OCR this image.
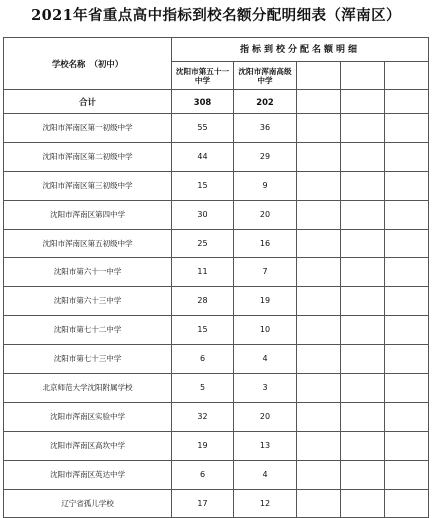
2021年省重点高中指标到校名额分配明细表（浑南区）
学校名称　（初中）	指标到校分配名额明细				
	沈阳市第五十一中学	沈阳市浑南高级中学			
合计	308	202			
沈阳市浑南区第一初级中学	55	36			
沈阳市浑南区第二初级中学	44	29			
沈阳市浑南区第三初级中学	15	9			
沈阳市浑南区第四中学	30	20			
沈阳市浑南区第五初级中学	25	16			
沈阳市第六十一中学	11	7			
沈阳市第六十三中学	28	19			
沈阳市第七十二中学	15	10			
沈阳市第七十三中学	6	4			
北京师范大学沈阳附属学校	5	3			
沈阳市浑南区实验中学	32	20			
沈阳市浑南区高坎中学	19	13			
沈阳市浑南区英达中学	6	4			
辽宁省孤儿学校	17	12			
